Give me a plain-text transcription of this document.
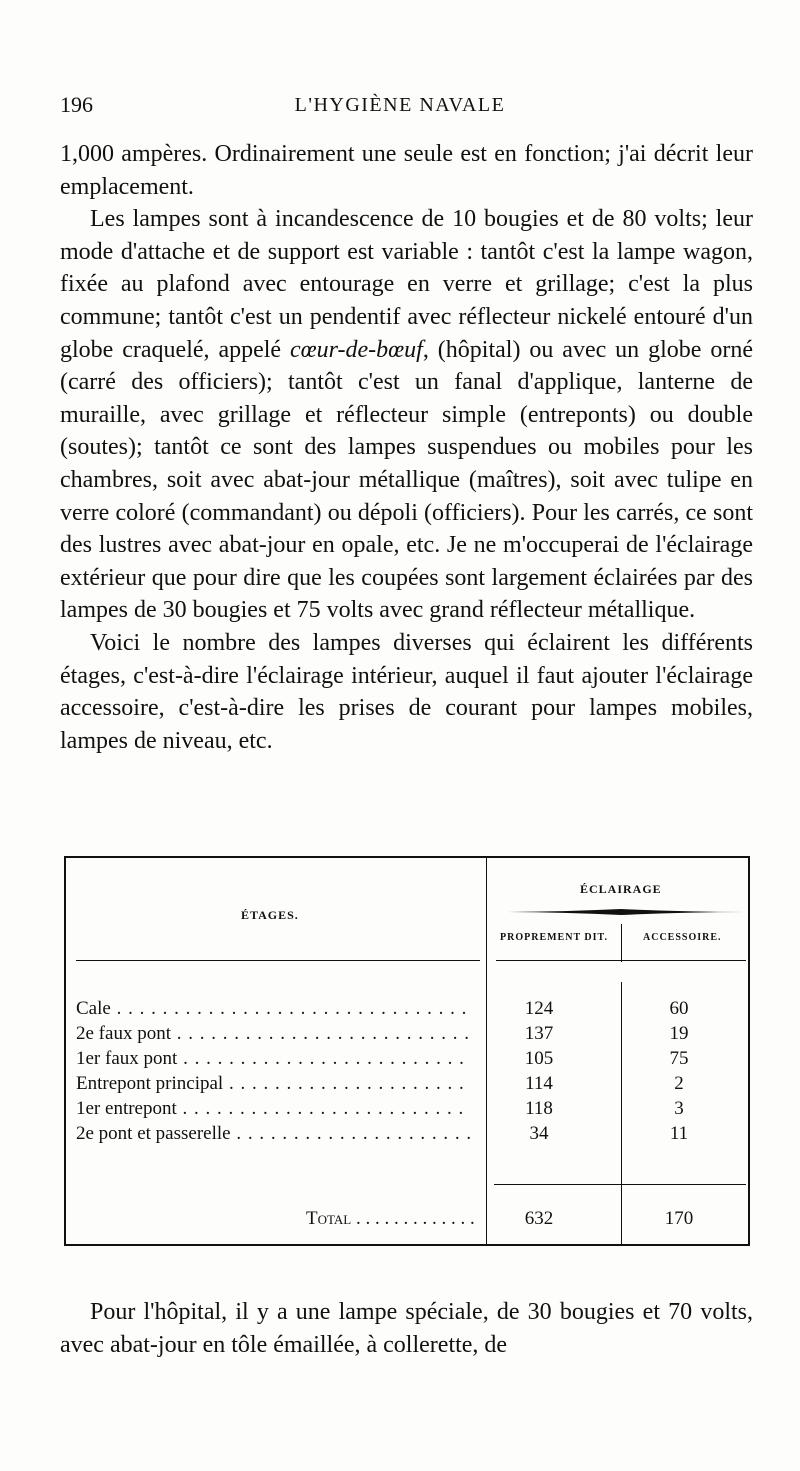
196	L'HYGIÈNE NAVALE

1,000 ampères. Ordinairement une seule est en fonction; j'ai décrit leur emplacement.

Les lampes sont à incandescence de 10 bougies et de 80 volts; leur mode d'attache et de support est variable : tantôt c'est la lampe wagon, fixée au plafond avec entourage en verre et grillage; c'est la plus commune; tantôt c'est un pendentif avec réflecteur nickelé entouré d'un globe craquelé, appelé cœur-de-bœuf, (hôpital) ou avec un globe orné (carré des officiers); tantôt c'est un fanal d'applique, lanterne de muraille, avec grillage et réflecteur simple (entreponts) ou double (soutes); tantôt ce sont des lampes suspendues ou mobiles pour les chambres, soit avec abat-jour métallique (maîtres), soit avec tulipe en verre coloré (commandant) ou dépoli (officiers). Pour les carrés, ce sont des lustres avec abat-jour en opale, etc. Je ne m'occuperai de l'éclairage extérieur que pour dire que les coupées sont largement éclairées par des lampes de 30 bougies et 75 volts avec grand réflecteur métallique.

Voici le nombre des lampes diverses qui éclairent les différents étages, c'est-à-dire l'éclairage intérieur, auquel il faut ajouter l'éclairage accessoire, c'est-à-dire les prises de courant pour lampes mobiles, lampes de niveau, etc.

ÉTAGES.
ÉCLAIRAGE
PROPREMENT DIT.	ACCESSOIRE.
Cale . . .	124	60
2e faux pont . . .	137	19
1er faux pont . . .	105	75
Entrepont principal . . .	114	2
1er entrepont . . .	118	3
2e pont et passerelle . . .	34	11
Total . . .	632	170

Pour l'hôpital, il y a une lampe spéciale, de 30 bougies et 70 volts, avec abat-jour en tôle émaillée, à collerette, de
